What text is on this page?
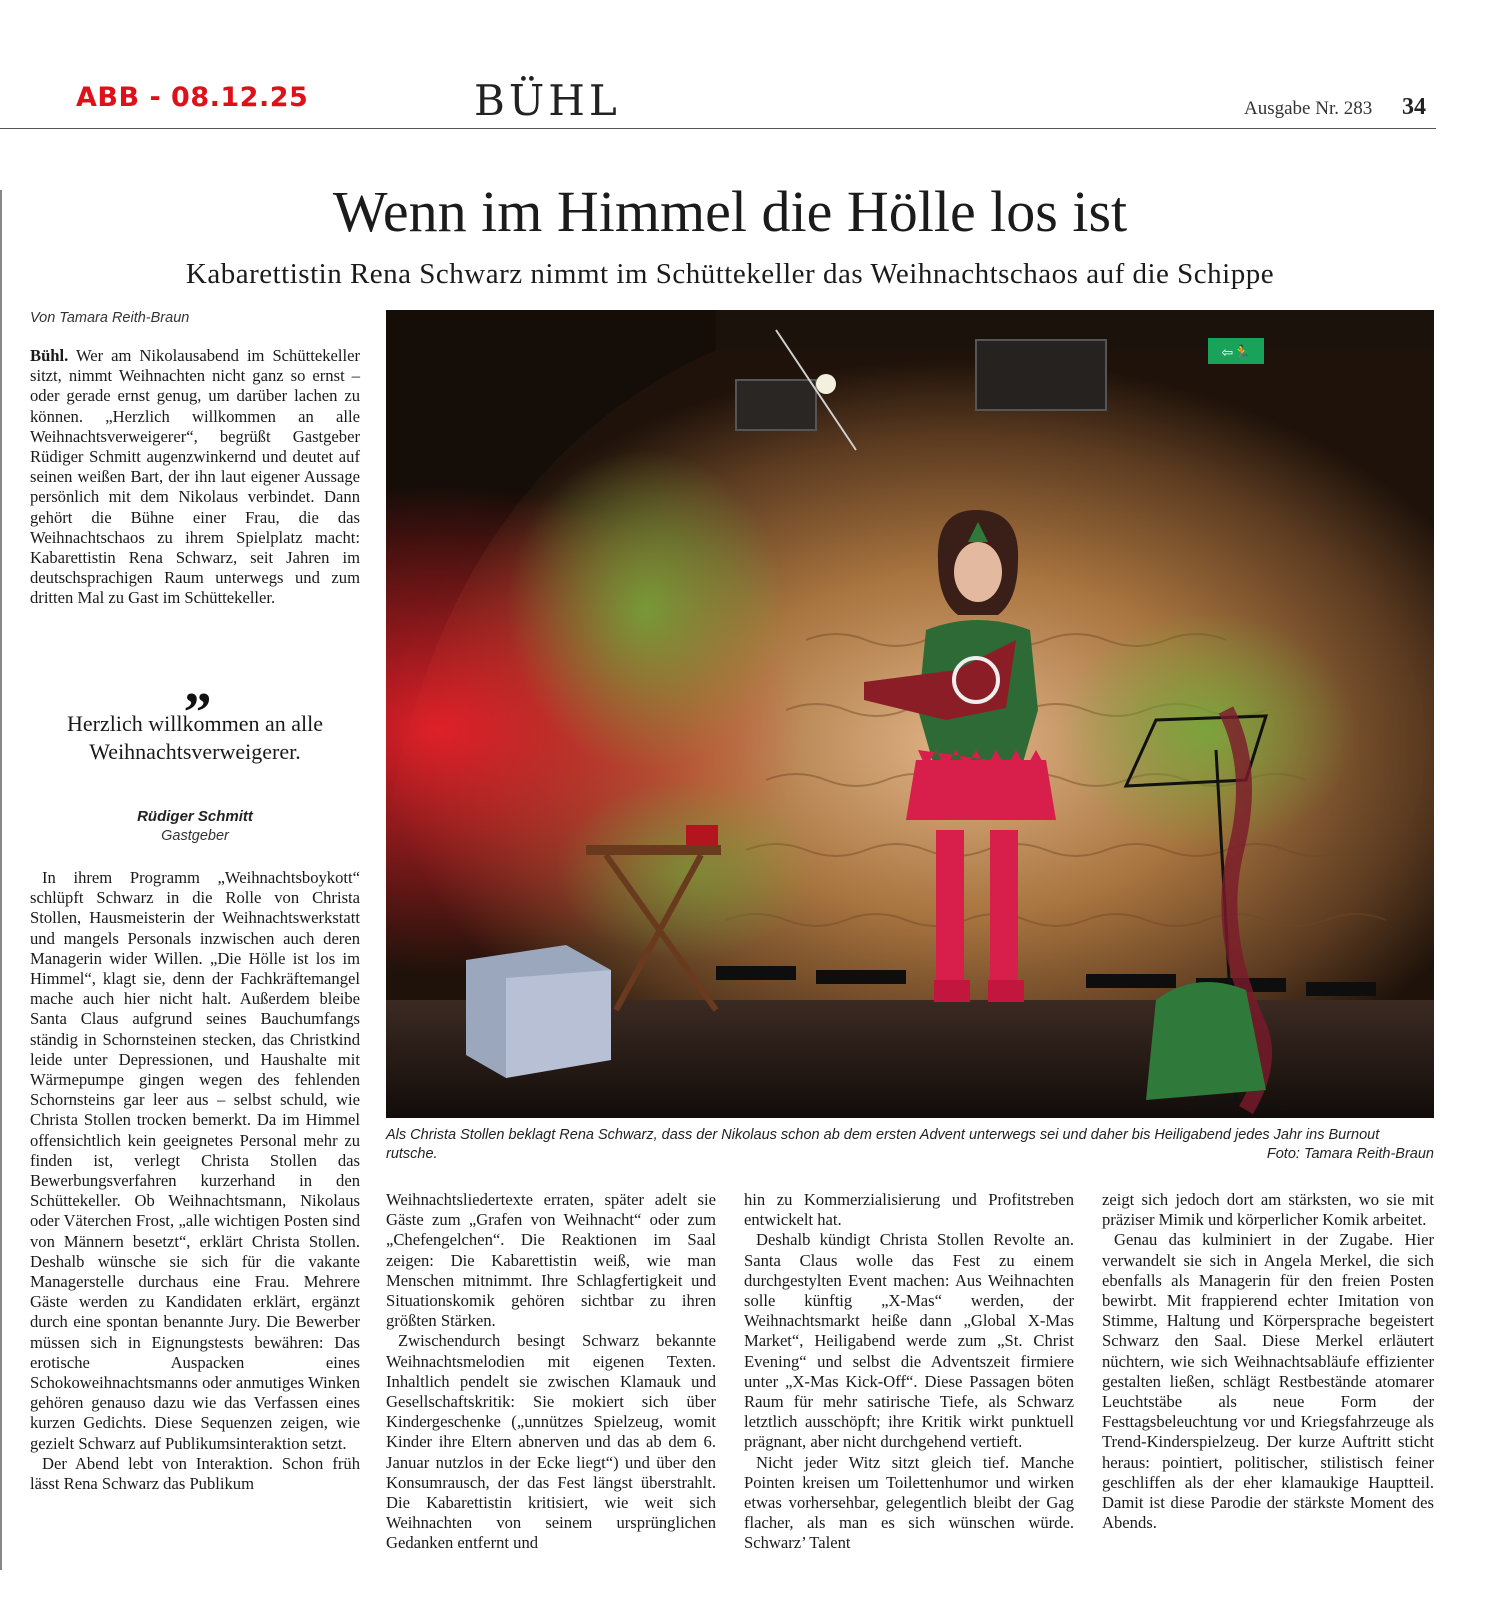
ABB - 08.12.25	BÜHL	Ausgabe Nr. 283 34
Wenn im Himmel die Hölle los ist
Kabarettistin Rena Schwarz nimmt im Schüttekeller das Weihnachtschaos auf die Schippe
Von Tamara Reith-Braun

Bühl. Wer am Nikolausabend im Schüttekeller sitzt, nimmt Weihnachten nicht ganz so ernst – oder gerade ernst genug, um darüber lachen zu können. „Herzlich willkommen an alle Weihnachtsverweigerer“, begrüßt Gastgeber Rüdiger Schmitt augenzwinkernd und deutet auf seinen weißen Bart, der ihn laut eigener Aussage persönlich mit dem Nikolaus verbindet. Dann gehört die Bühne einer Frau, die das Weihnachtschaos zu ihrem Spielplatz macht: Kabarettistin Rena Schwarz, seit Jahren im deutschsprachigen Raum unterwegs und zum dritten Mal zu Gast im Schüttekeller.

„
Herzlich willkommen an alle Weihnachtsverweigerer.
Rüdiger Schmitt
Gastgeber

In ihrem Programm „Weihnachtsboykott“ schlüpft Schwarz in die Rolle von Christa Stollen, Hausmeisterin der Weihnachtswerkstatt und mangels Personals inzwischen auch deren Managerin wider Willen. „Die Hölle ist los im Himmel“, klagt sie, denn der Fachkräftemangel mache auch hier nicht halt. Außerdem bleibe Santa Claus aufgrund seines Bauchumfangs ständig in Schornsteinen stecken, das Christkind leide unter Depressionen, und Haushalte mit Wärmepumpe gingen wegen des fehlenden Schornsteins gar leer aus – selbst schuld, wie Christa Stollen trocken bemerkt. Da im Himmel offensichtlich kein geeignetes Personal mehr zu finden ist, verlegt Christa Stollen das Bewerbungsverfahren kurzerhand in den Schüttekeller. Ob Weihnachtsmann, Nikolaus oder Väterchen Frost, „alle wichtigen Posten sind von Männern besetzt“, erklärt Christa Stollen. Deshalb wünsche sie sich für die vakante Managerstelle durchaus eine Frau. Mehrere Gäste werden zu Kandidaten erklärt, ergänzt durch eine spontan benannte Jury. Die Bewerber müssen sich in Eignungstests bewähren: Das erotische Auspacken eines Schokoweihnachtsmanns oder anmutiges Winken gehören genauso dazu wie das Verfassen eines kurzen Gedichts. Diese Sequenzen zeigen, wie gezielt Schwarz auf Publikumsinteraktion setzt.

Der Abend lebt von Interaktion. Schon früh lässt Rena Schwarz das Publikum

⇦🏃
Als Christa Stollen beklagt Rena Schwarz, dass der Nikolaus schon ab dem ersten Advent unterwegs sei und daher bis Heiligabend jedes Jahr ins Burnout rutsche.	Foto: Tamara Reith-Braun

Weihnachtsliedertexte erraten, später adelt sie Gäste zum „Grafen von Weihnacht“ oder zum „Chefengelchen“. Die Reaktionen im Saal zeigen: Die Kabarettistin weiß, wie man Menschen mitnimmt. Ihre Schlagfertigkeit und Situationskomik gehören sichtbar zu ihren größten Stärken.

Zwischendurch besingt Schwarz bekannte Weihnachtsmelodien mit eigenen Texten. Inhaltlich pendelt sie zwischen Klamauk und Gesellschaftskritik: Sie mokiert sich über Kindergeschenke („unnützes Spielzeug, womit Kinder ihre Eltern abnerven und das ab dem 6. Januar nutzlos in der Ecke liegt“) und über den Konsumrausch, der das Fest längst überstrahlt. Die Kabarettistin kritisiert, wie weit sich Weihnachten von seinem ursprünglichen Gedanken entfernt und

hin zu Kommerzialisierung und Profitstreben entwickelt hat.

Deshalb kündigt Christa Stollen Revolte an. Santa Claus wolle das Fest zu einem durchgestylten Event machen: Aus Weihnachten solle künftig „X-Mas“ werden, der Weihnachtsmarkt heiße dann „Global X-Mas Market“, Heiligabend werde zum „St. Christ Evening“ und selbst die Adventszeit firmiere unter „X-Mas Kick-Off“. Diese Passagen böten Raum für mehr satirische Tiefe, als Schwarz letztlich ausschöpft; ihre Kritik wirkt punktuell prägnant, aber nicht durchgehend vertieft.

Nicht jeder Witz sitzt gleich tief. Manche Pointen kreisen um Toilettenhumor und wirken etwas vorhersehbar, gelegentlich bleibt der Gag flacher, als man es sich wünschen würde. Schwarz’ Talent

zeigt sich jedoch dort am stärksten, wo sie mit präziser Mimik und körperlicher Komik arbeitet.

Genau das kulminiert in der Zugabe. Hier verwandelt sie sich in Angela Merkel, die sich ebenfalls als Managerin für den freien Posten bewirbt. Mit frappierend echter Imitation von Stimme, Haltung und Körpersprache begeistert Schwarz den Saal. Diese Merkel erläutert nüchtern, wie sich Weihnachtsabläufe effizienter gestalten ließen, schlägt Restbestände atomarer Leuchtstäbe als neue Form der Festtagsbeleuchtung vor und Kriegsfahrzeuge als Trend-Kinderspielzeug. Der kurze Auftritt sticht heraus: pointiert, politischer, stilistisch feiner geschliffen als der eher klamaukige Hauptteil. Damit ist diese Parodie der stärkste Moment des Abends.
